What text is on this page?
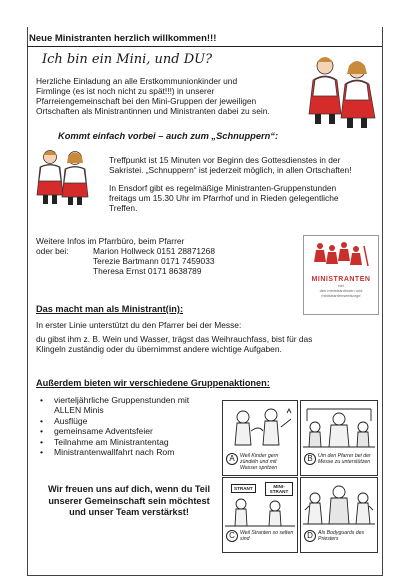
Neue Ministranten herzlich willkommen!!!
Ich bin ein Mini, und DU?
Herzliche Einladung an alle Erstkommunionkinder und
Firmlinge (es ist noch nicht zu spät!!!) in unserer
Pfarreiengemeinschaft bei den Mini-Gruppen der jeweiligen
Ortschaften als Ministrantinnen und Ministranten dabei zu sein.
Kommt einfach vorbei – auch zum „Schnuppern“:
Treffpunkt ist 15 Minuten vor Beginn des Gottesdienstes in der
Sakristei. „Schnuppern“ ist jederzeit möglich, in allen Ortschaften!
In Ensdorf gibt es regelmäßige Ministranten-Gruppenstunden
freitags um 15.30 Uhr im Pfarrhof und in Rieden gelegentliche
Treffen.
Weitere Infos im Pfarrbüro, beim Pfarrer
oder bei:	Marion Hollweck 0151 28871268
Terezie Bartmann 0171 7459033
Theresa Ernst 0171 8638789
MINISTRANTEN
bei
den ministrantinnen und
ministrantenseelsorge
Das macht man als Ministrant(in):
In erster Linie unterstützt du den Pfarrer bei der Messe:
du gibst ihm z. B. Wein und Wasser, trägst das Weihrauchfass, bist für das
Klingeln zuständig oder du übernimmst andere wichtige Aufgaben.
Außerdem bieten wir verschiedene Gruppenaktionen:
•	vierteljährliche Gruppenstunden mit
ALLEN Minis
•	Ausflüge
•	gemeinsame Adventsfeier
•	Teilnahme am Ministrantentag
•	Ministrantenwallfahrt nach Rom
Wir freuen uns auf dich, wenn du Teil
unserer Gemeinschaft sein möchtest
und unser Team verstärkst!
A	Weil Kinder gern zündeln und mit Wasser spritzen
B	Um den Pfarrer bei der Messe zu unterstützen
STRANT	MINI-STRANT
C Weil Stranten so selten sind	D Als Bodyguards des Priesters
